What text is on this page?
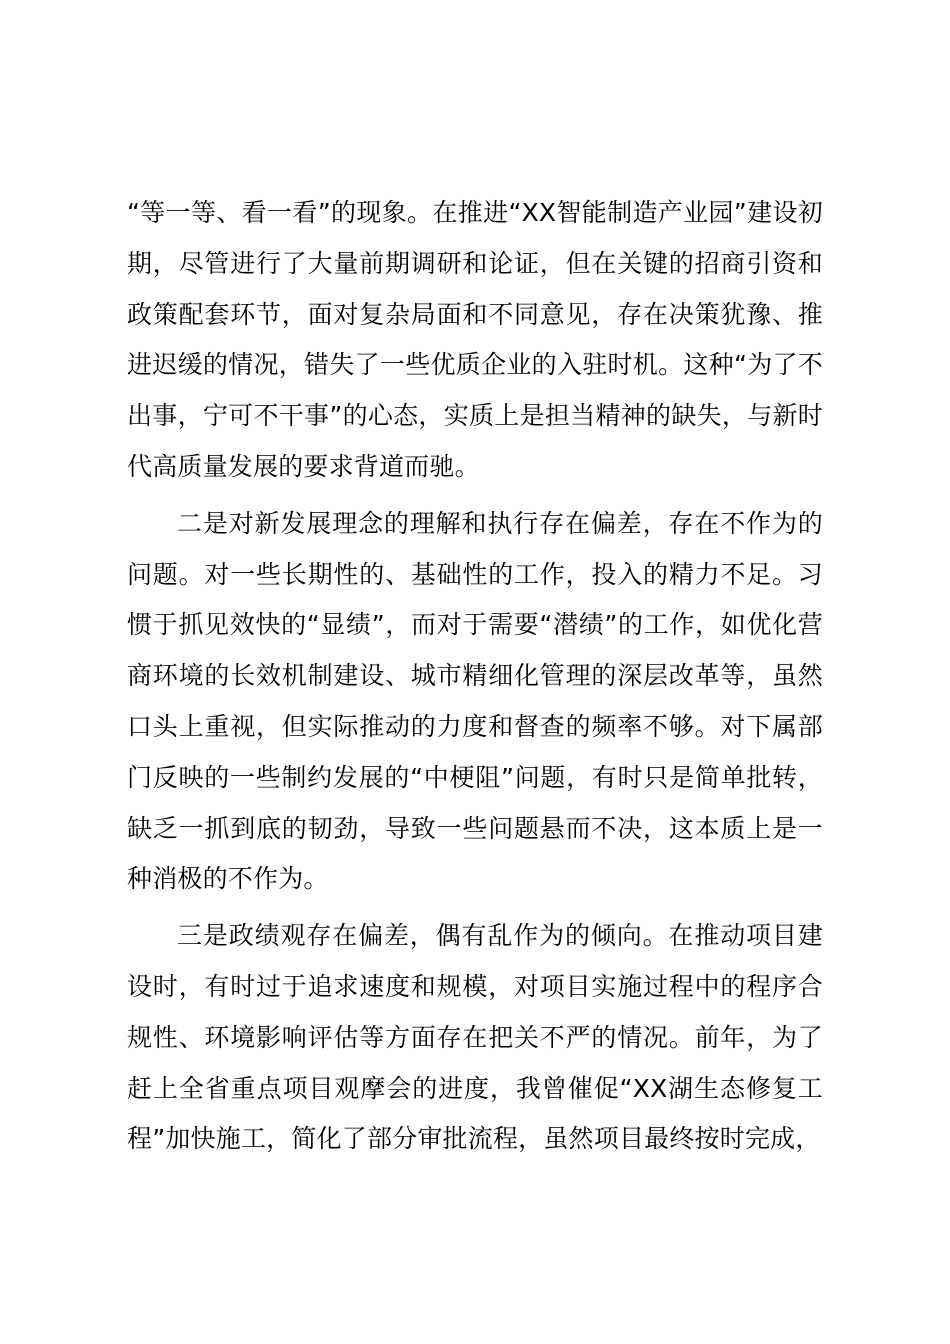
“等一等、看一看”的现象。在推进“XX智能制造产业园”建设初期，尽管进行了大量前期调研和论证，但在关键的招商引资和政策配套环节，面对复杂局面和不同意见，存在决策犹豫、推进迟缓的情况，错失了一些优质企业的入驻时机。这种“为了不出事，宁可不干事”的心态，实质上是担当精神的缺失，与新时代高质量发展的要求背道而驰。

二是对新发展理念的理解和执行存在偏差，存在不作为的问题。对一些长期性的、基础性的工作，投入的精力不足。习惯于抓见效快的“显绩”，而对于需要“潜绩”的工作，如优化营商环境的长效机制建设、城市精细化管理的深层改革等，虽然口头上重视，但实际推动的力度和督查的频率不够。对下属部门反映的一些制约发展的“中梗阻”问题，有时只是简单批转，缺乏一抓到底的韧劲，导致一些问题悬而不决，这本质上是一种消极的不作为。

三是政绩观存在偏差，偶有乱作为的倾向。在推动项目建设时，有时过于追求速度和规模，对项目实施过程中的程序合规性、环境影响评估等方面存在把关不严的情况。前年，为了赶上全省重点项目观摩会的进度，我曾催促“XX湖生态修复工程”加快施工，简化了部分审批流程，虽然项目最终按时完成，
